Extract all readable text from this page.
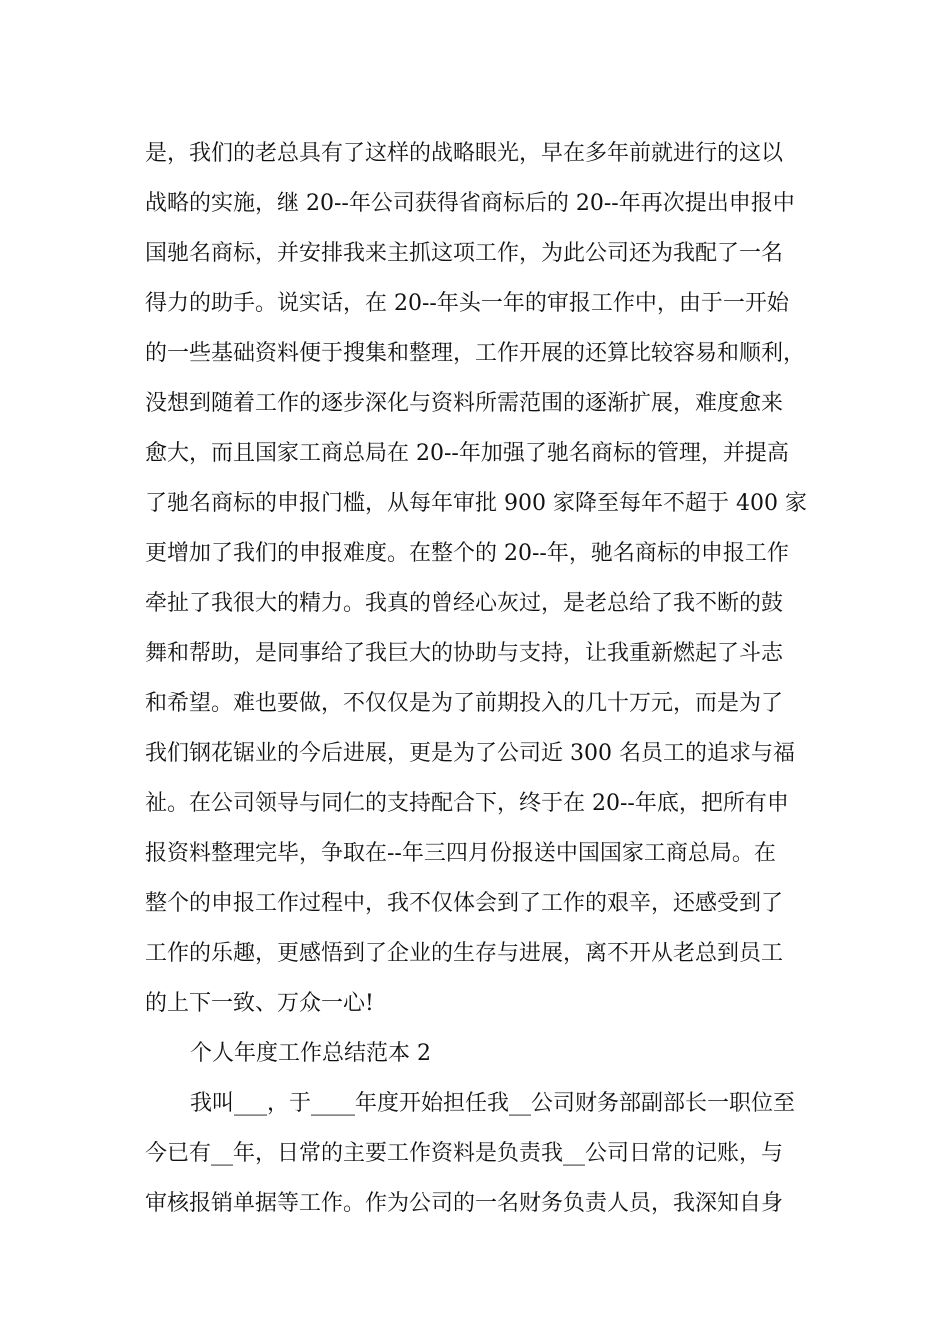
是，我们的老总具有了这样的战略眼光，早在多年前就进行的这以
战略的实施，继 20--年公司获得省商标后的 20--年再次提出申报中
国驰名商标，并安排我来主抓这项工作，为此公司还为我配了一名
得力的助手。说实话，在 20--年头一年的审报工作中，由于一开始
的一些基础资料便于搜集和整理，工作开展的还算比较容易和顺利，
没想到随着工作的逐步深化与资料所需范围的逐渐扩展，难度愈来
愈大，而且国家工商总局在 20--年加强了驰名商标的管理，并提高
了驰名商标的申报门槛，从每年审批 900 家降至每年不超于 400 家
更增加了我们的申报难度。在整个的 20--年，驰名商标的申报工作
牵扯了我很大的精力。我真的曾经心灰过，是老总给了我不断的鼓
舞和帮助，是同事给了我巨大的协助与支持，让我重新燃起了斗志
和希望。难也要做，不仅仅是为了前期投入的几十万元，而是为了
我们钢花锯业的今后进展，更是为了公司近 300 名员工的追求与福
祉。在公司领导与同仁的支持配合下，终于在 20--年底，把所有申
报资料整理完毕，争取在--年三四月份报送中国国家工商总局。在
整个的申报工作过程中，我不仅体会到了工作的艰辛，还感受到了
工作的乐趣，更感悟到了企业的生存与进展，离不开从老总到员工
的上下一致、万众一心!
个人年度工作总结范本 2
我叫___，于____年度开始担任我__公司财务部副部长一职位至
今已有__年，日常的主要工作资料是负责我__公司日常的记账，与
审核报销单据等工作。作为公司的一名财务负责人员，我深知自身
